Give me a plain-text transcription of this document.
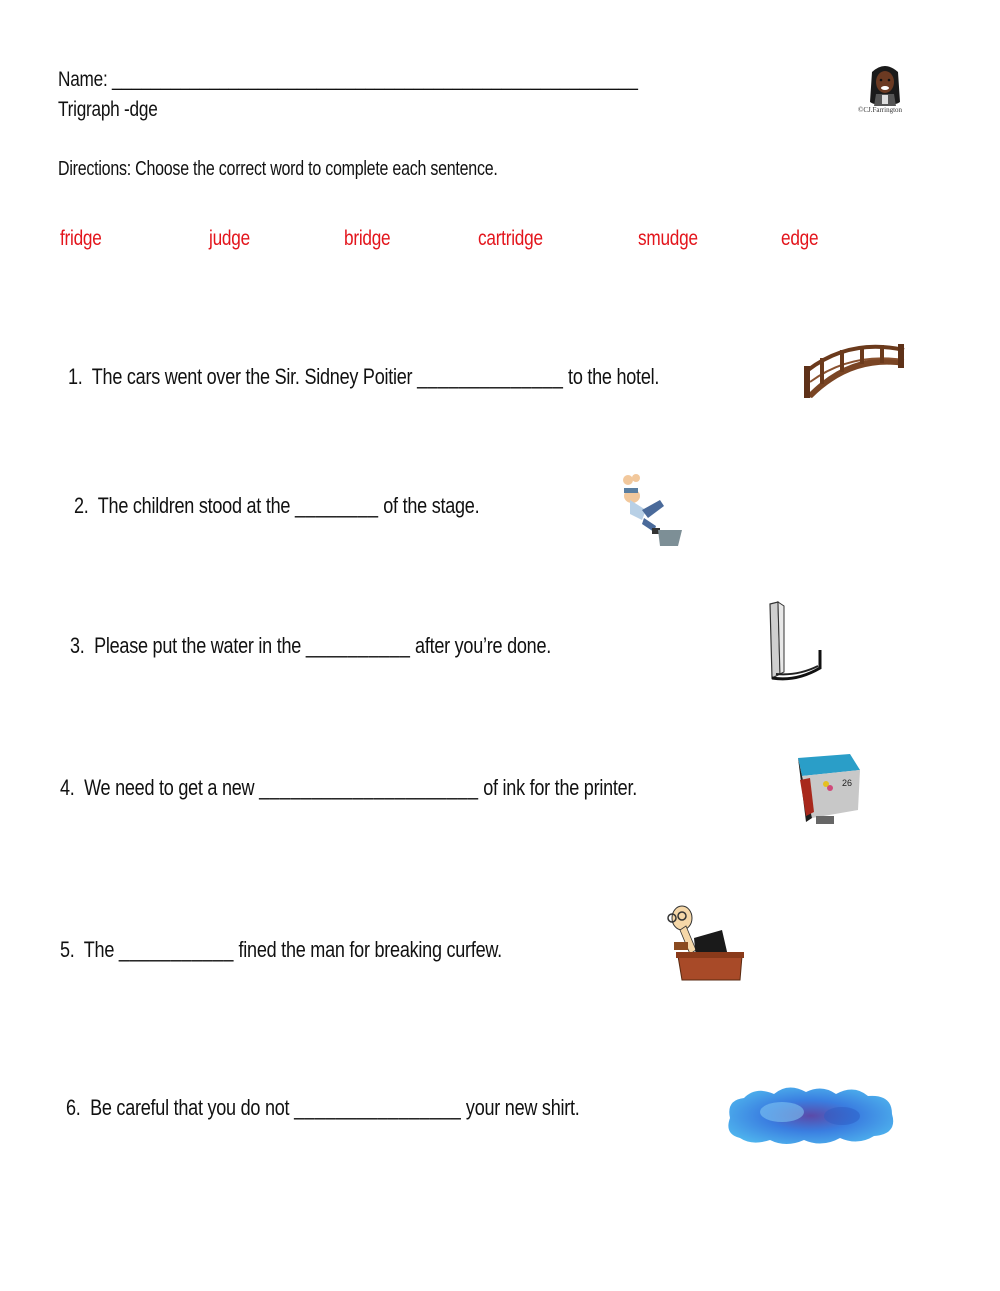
Name: ______________________________________________________
Trigraph -dge	©CJ.Farrington
Directions: Choose the correct word to complete each sentence.
fridge	judge	bridge	cartridge	smudge	edge
1. The cars went over the Sir. Sidney Poitier ______________ to the hotel.
2. The children stood at the ________ of the stage.
3. Please put the water in the __________ after you’re done.
4. We need to get a new _____________________ of ink for the printer.	26
5. The ___________ fined the man for breaking curfew.
6. Be careful that you do not ________________ your new shirt.
